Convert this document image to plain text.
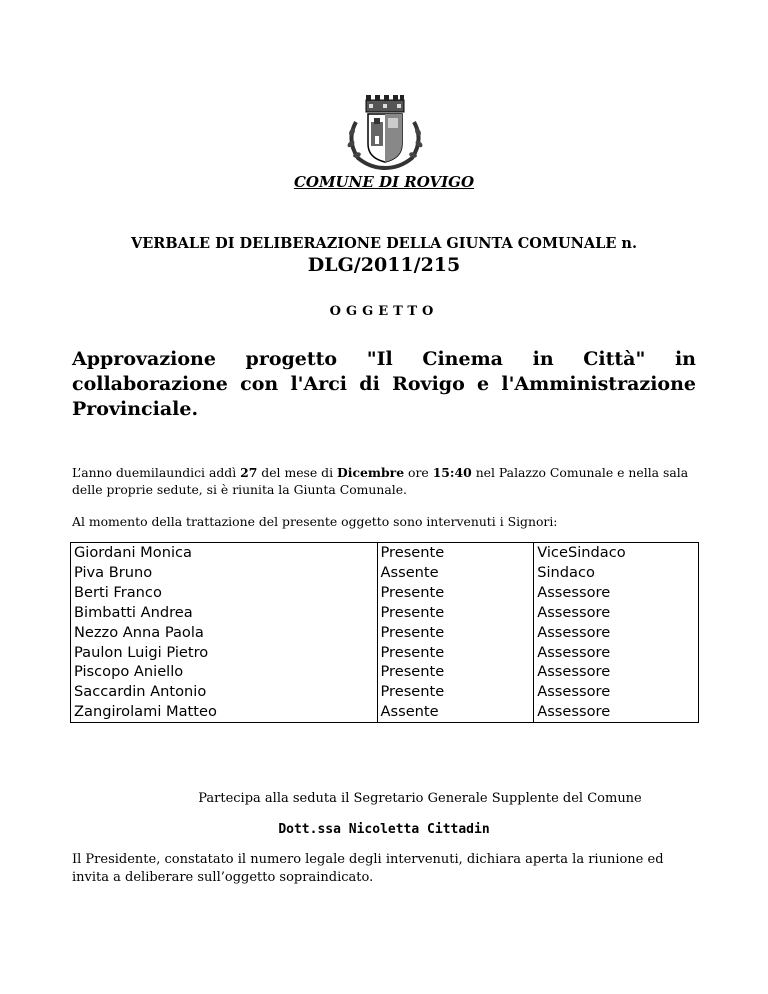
COMUNE DI ROVIGO
VERBALE DI DELIBERAZIONE DELLA GIUNTA COMUNALE n.
DLG/2011/215
OGGETTO
Approvazione progetto "Il Cinema in Città" in collaborazione con l'Arci di Rovigo e l'Amministrazione Provinciale.
L’anno duemilaundici addì 27 del mese di Dicembre ore 15:40 nel Palazzo Comunale e nella sala delle proprie sedute, si è riunita la Giunta Comunale.
Al momento della trattazione del presente oggetto sono intervenuti i Signori:
Giordani Monica	Presente	ViceSindaco
Piva Bruno	Assente	Sindaco
Berti Franco	Presente	Assessore
Bimbatti Andrea	Presente	Assessore
Nezzo Anna Paola	Presente	Assessore
Paulon Luigi Pietro	Presente	Assessore
Piscopo Aniello	Presente	Assessore
Saccardin Antonio	Presente	Assessore
Zangirolami Matteo	Assente	Assessore
Partecipa alla seduta il Segretario Generale Supplente del Comune
Dott.ssa Nicoletta Cittadin
Il Presidente, constatato il numero legale degli intervenuti, dichiara aperta la riunione ed invita a deliberare sull’oggetto sopraindicato.
